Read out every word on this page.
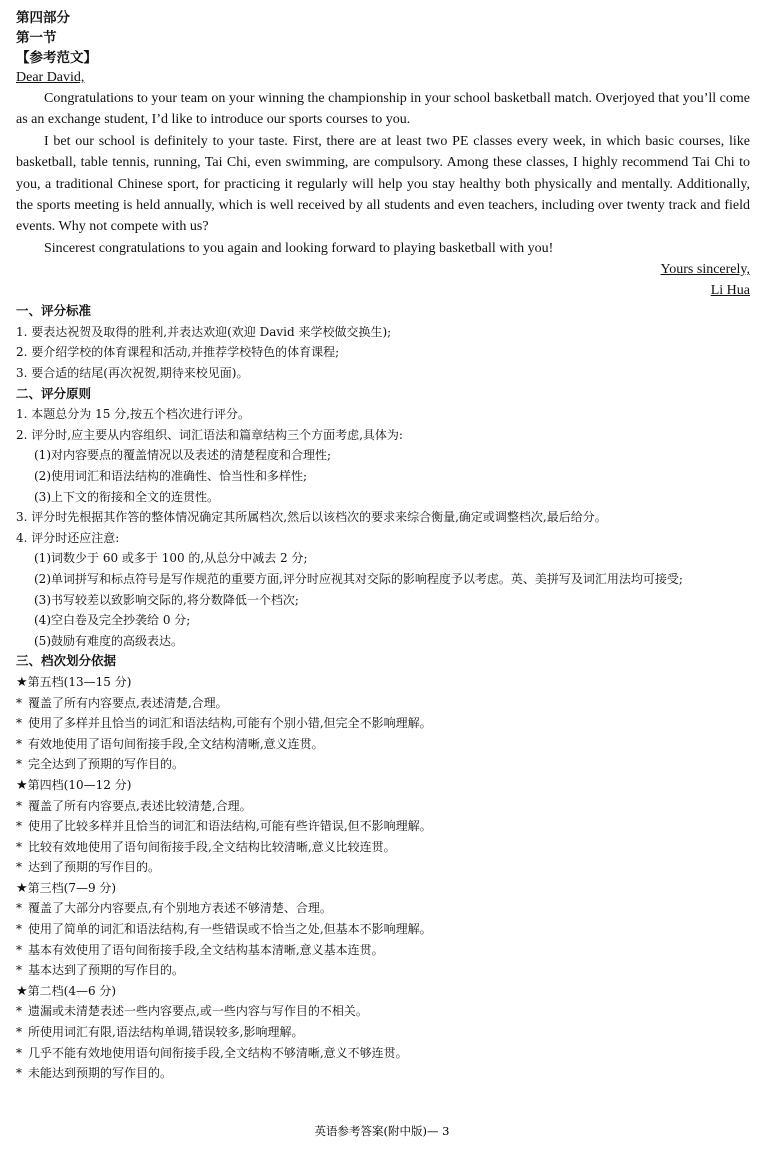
第四部分
第一节
【参考范文】
Dear David,

Congratulations to your team on your winning the championship in your school basketball match. Overjoyed that you’ll come as an exchange student, I’d like to introduce our sports courses to you.

I bet our school is definitely to your taste. First, there are at least two PE classes every week, in which basic courses, like basketball, table tennis, running, Tai Chi, even swimming, are compulsory. Among these classes, I highly recommend Tai Chi to you, a traditional Chinese sport, for practicing it regularly will help you stay healthy both physically and mentally. Additionally, the sports meeting is held annually, which is well received by all students and even teachers, including over twenty track and field events. Why not compete with us?

Sincerest congratulations to you again and looking forward to playing basketball with you!

Yours sincerely,
Li Hua
一、评分标准
1. 要表达祝贺及取得的胜利,并表达欢迎(欢迎 David 来学校做交换生);
2. 要介绍学校的体育课程和活动,并推荐学校特色的体育课程;
3. 要合适的结尾(再次祝贺,期待来校见面)。
二、评分原则
1. 本题总分为 15 分,按五个档次进行评分。
2. 评分时,应主要从内容组织、词汇语法和篇章结构三个方面考虑,具体为:
(1)对内容要点的覆盖情况以及表述的清楚程度和合理性;
(2)使用词汇和语法结构的准确性、恰当性和多样性;
(3)上下文的衔接和全文的连贯性。
3. 评分时先根据其作答的整体情况确定其所属档次,然后以该档次的要求来综合衡量,确定或调整档次,最后给分。
4. 评分时还应注意:
(1)词数少于 60 或多于 100 的,从总分中减去 2 分;
(2)单词拼写和标点符号是写作规范的重要方面,评分时应视其对交际的影响程度予以考虑。英、美拼写及词汇用法均可接受;
(3)书写较差以致影响交际的,将分数降低一个档次;
(4)空白卷及完全抄袭给 0 分;
(5)鼓励有难度的高级表达。
三、档次划分依据
★第五档(13—15 分)
* 覆盖了所有内容要点,表述清楚,合理。
* 使用了多样并且恰当的词汇和语法结构,可能有个别小错,但完全不影响理解。
* 有效地使用了语句间衔接手段,全文结构清晰,意义连贯。
* 完全达到了预期的写作目的。
★第四档(10—12 分)
* 覆盖了所有内容要点,表述比较清楚,合理。
* 使用了比较多样并且恰当的词汇和语法结构,可能有些许错误,但不影响理解。
* 比较有效地使用了语句间衔接手段,全文结构比较清晰,意义比较连贯。
* 达到了预期的写作目的。
★第三档(7—9 分)
* 覆盖了大部分内容要点,有个别地方表述不够清楚、合理。
* 使用了简单的词汇和语法结构,有一些错误或不恰当之处,但基本不影响理解。
* 基本有效使用了语句间衔接手段,全文结构基本清晰,意义基本连贯。
* 基本达到了预期的写作目的。
★第二档(4—6 分)
* 遗漏或未清楚表述一些内容要点,或一些内容与写作目的不相关。
* 所使用词汇有限,语法结构单调,错误较多,影响理解。
* 几乎不能有效地使用语句间衔接手段,全文结构不够清晰,意义不够连贯。
* 未能达到预期的写作目的。
英语参考答案(附中版)— 3
